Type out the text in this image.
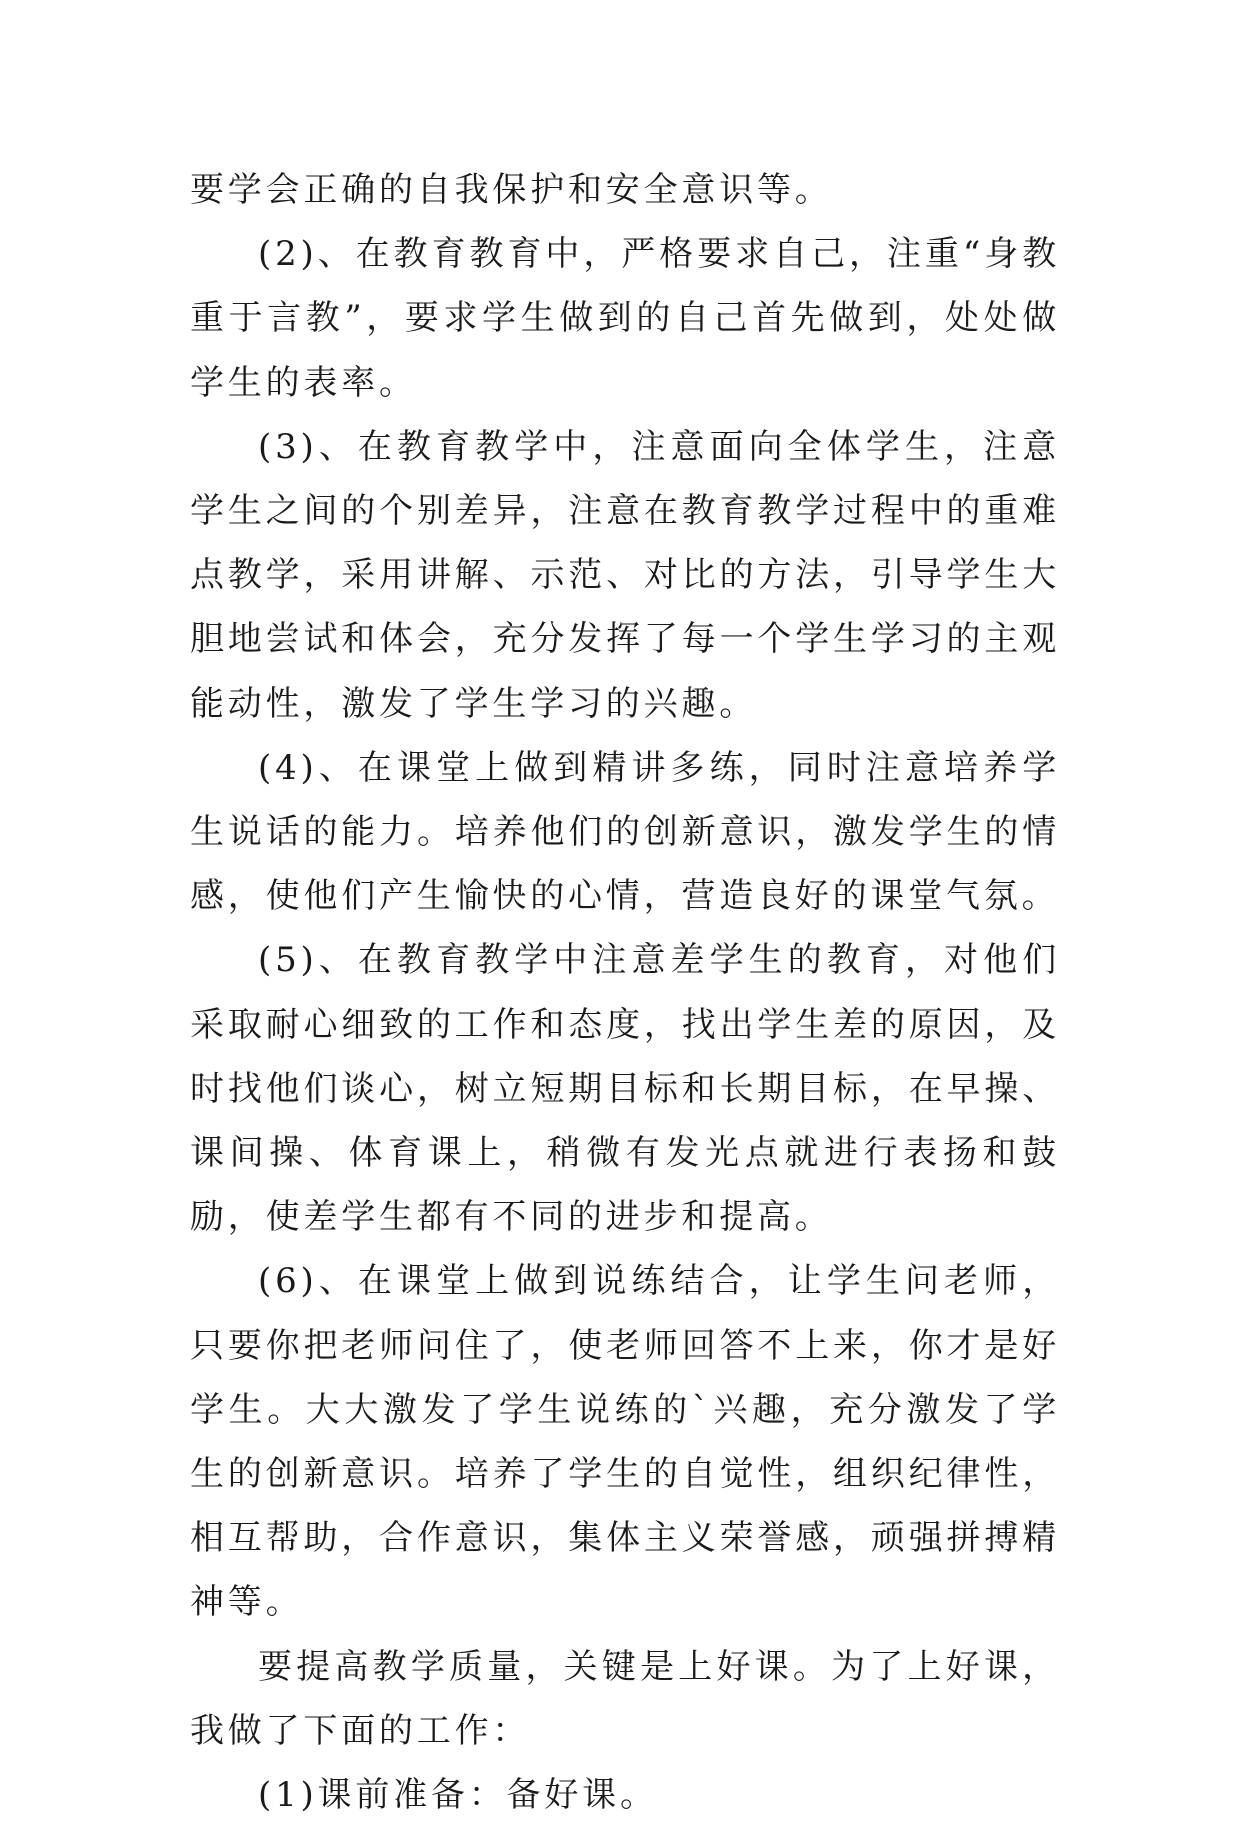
要学会正确的自我保护和安全意识等。

(2)、在教育教育中，严格要求自己，注重“身教重于言教”，要求学生做到的自己首先做到，处处做学生的表率。

(3)、在教育教学中，注意面向全体学生，注意学生之间的个别差异，注意在教育教学过程中的重难点教学，采用讲解、示范、对比的方法，引导学生大胆地尝试和体会，充分发挥了每一个学生学习的主观能动性，激发了学生学习的兴趣。

(4)、在课堂上做到精讲多练，同时注意培养学生说话的能力。培养他们的创新意识，激发学生的情感，使他们产生愉快的心情，营造良好的课堂气氛。

(5)、在教育教学中注意差学生的教育，对他们采取耐心细致的工作和态度，找出学生差的原因，及时找他们谈心，树立短期目标和长期目标，在早操、课间操、体育课上，稍微有发光点就进行表扬和鼓励，使差学生都有不同的进步和提高。

(6)、在课堂上做到说练结合，让学生问老师，只要你把老师问住了，使老师回答不上来，你才是好学生。大大激发了学生说练的`兴趣，充分激发了学生的创新意识。培养了学生的自觉性，组织纪律性，相互帮助，合作意识，集体主义荣誉感，顽强拼搏精神等。

要提高教学质量，关键是上好课。为了上好课，我做了下面的工作：

(1)课前准备：备好课。
